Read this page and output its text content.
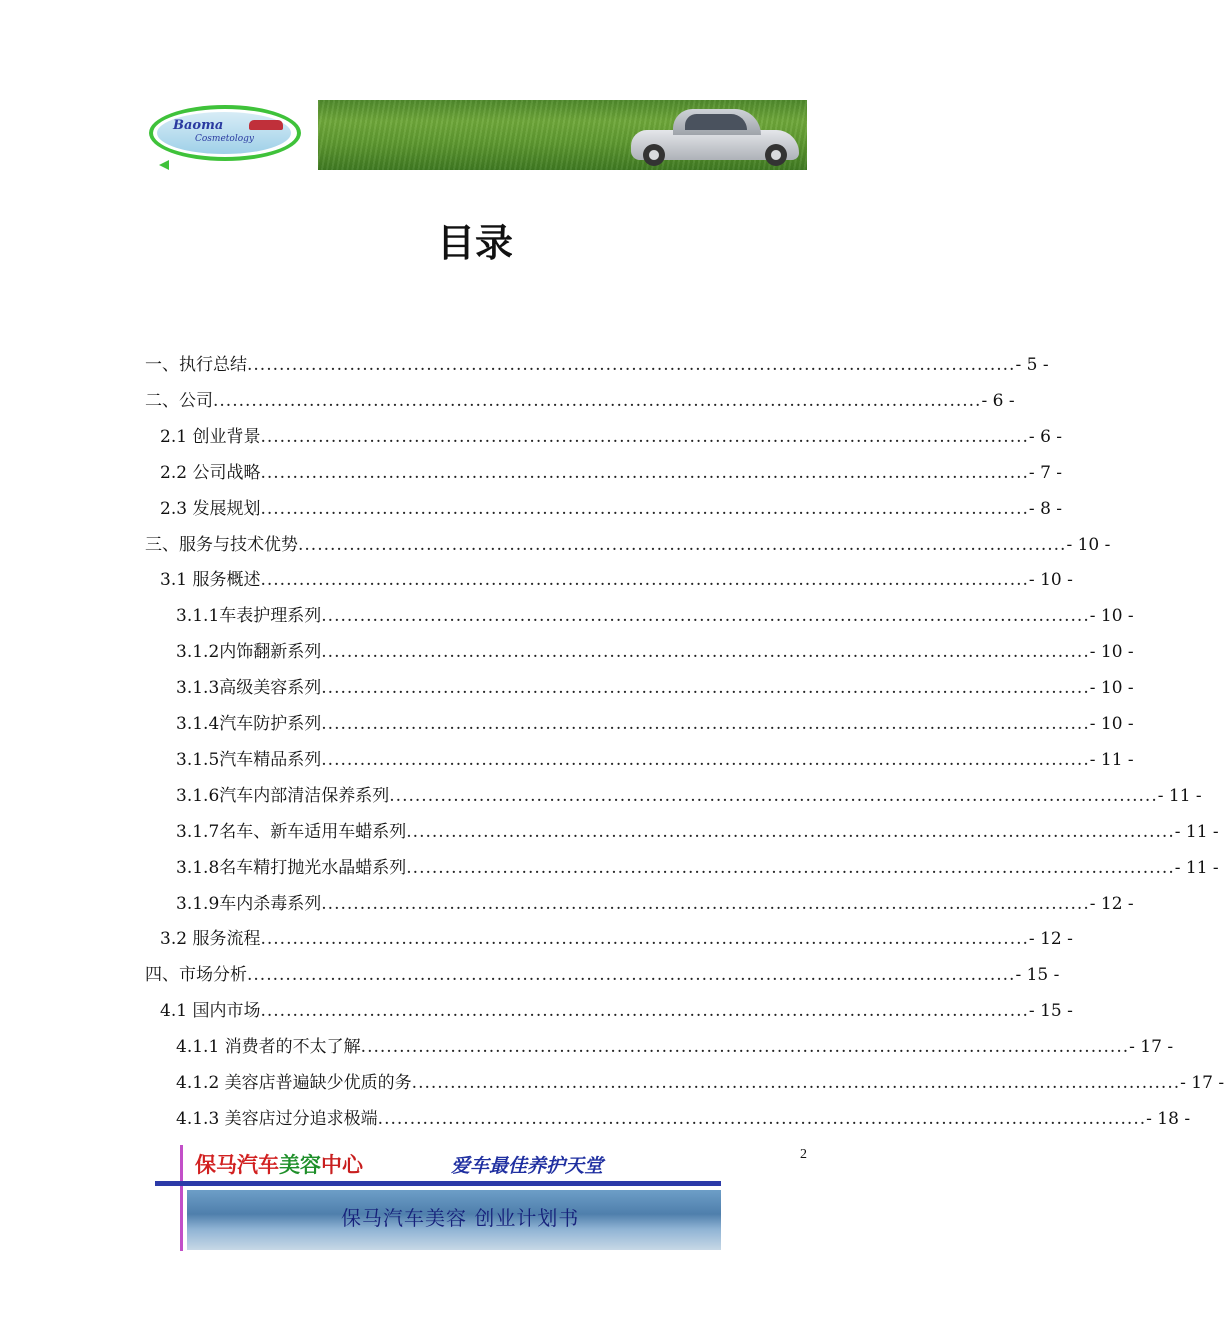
Baoma
Cosmetology
目录
一、执行总结 ........................................................................................................................ - 5 -
二、公司 ........................................................................................................................ - 6 -
2.1 创业背景 ........................................................................................................................ - 6 -
2.2 公司战略 ........................................................................................................................ - 7 -
2.3 发展规划 ........................................................................................................................ - 8 -
三、服务与技术优势 ........................................................................................................................ - 10 -
3.1 服务概述 ........................................................................................................................ - 10 -
3.1.1车表护理系列 ........................................................................................................................ - 10 -
3.1.2内饰翻新系列 ........................................................................................................................ - 10 -
3.1.3高级美容系列 ........................................................................................................................ - 10 -
3.1.4汽车防护系列 ........................................................................................................................ - 10 -
3.1.5汽车精品系列 ........................................................................................................................ - 11 -
3.1.6汽车内部清洁保养系列 ........................................................................................................................ - 11 -
3.1.7名车、新车适用车蜡系列 ........................................................................................................................ - 11 -
3.1.8名车精打抛光水晶蜡系列 ........................................................................................................................ - 11 -
3.1.9车内杀毒系列 ........................................................................................................................ - 12 -
3.2 服务流程 ........................................................................................................................ - 12 -
四、市场分析 ........................................................................................................................ - 15 -
4.1 国内市场 ........................................................................................................................ - 15 -
4.1.1 消费者的不太了解 ........................................................................................................................ - 17 -
4.1.2 美容店普遍缺少优质的务 ........................................................................................................................ - 17 -
4.1.3 美容店过分追求极端 ........................................................................................................................ - 18 -
2
保马汽车美容中心	爱车最佳养护天堂
保马汽车美容 创业计划书
